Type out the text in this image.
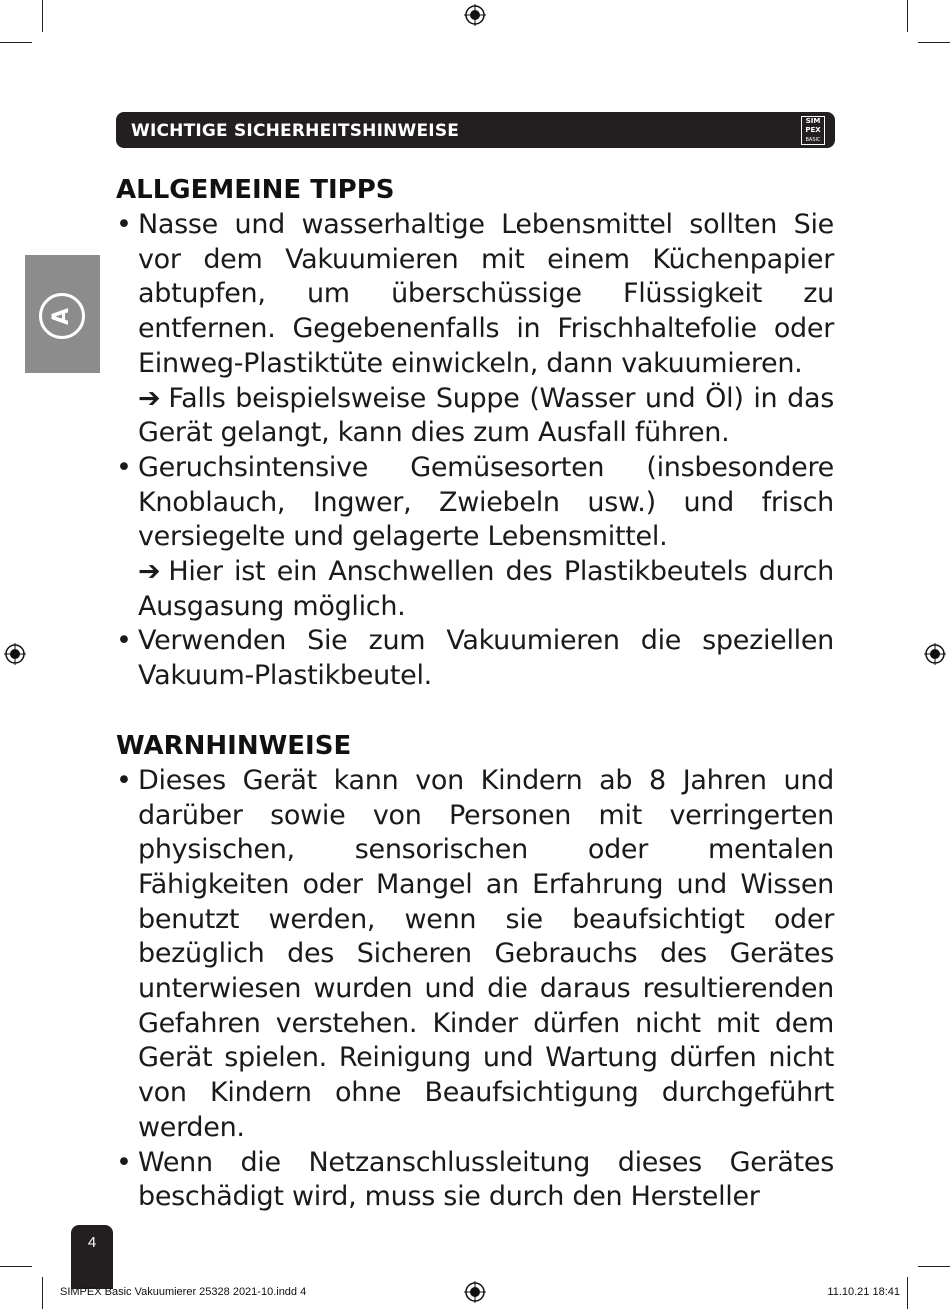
WICHTIGE SICHERHEITSHINWEISE	SIM
PEX
BASIC
A
ALLGEMEINE TIPPS
• Nasse und wasserhaltige Lebensmittel sollten Sie vor dem Vakuumieren mit einem Küchenpapier abtupfen, um überschüssige Flüssigkeit zu entfernen. Gegebenenfalls in Frischhaltefolie oder Einweg-Plastiktüte einwickeln, dann vakuumieren.
➔ Falls beispielsweise Suppe (Wasser und Öl) in das Gerät gelangt, kann dies zum Ausfall führen.
• Geruchsintensive Gemüsesorten (insbesondere Knoblauch, Ingwer, Zwiebeln usw.) und frisch versiegelte und gelagerte Lebensmittel.
➔ Hier ist ein Anschwellen des Plastikbeutels durch Ausgasung möglich.
• Verwenden Sie zum Vakuumieren die speziellen Vakuum-Plastikbeutel.
WARNHINWEISE
• Dieses Gerät kann von Kindern ab 8 Jahren und darüber sowie von Personen mit verringerten physischen, sensorischen oder mentalen Fähigkeiten oder Mangel an Erfahrung und Wissen benutzt werden, wenn sie beaufsichtigt oder bezüglich des Sicheren Gebrauchs des Gerätes unterwiesen wurden und die daraus resultierenden Gefahren verstehen. Kinder dürfen nicht mit dem Gerät spielen. Reinigung und Wartung dürfen nicht von Kindern ohne Beaufsichtigung durchgeführt werden.
• Wenn die Netzanschlussleitung dieses Gerätes beschädigt wird, muss sie durch den Hersteller
4
SIMPEX Basic Vakuumierer 25328 2021-10.indd 4	11.10.21 18:41
